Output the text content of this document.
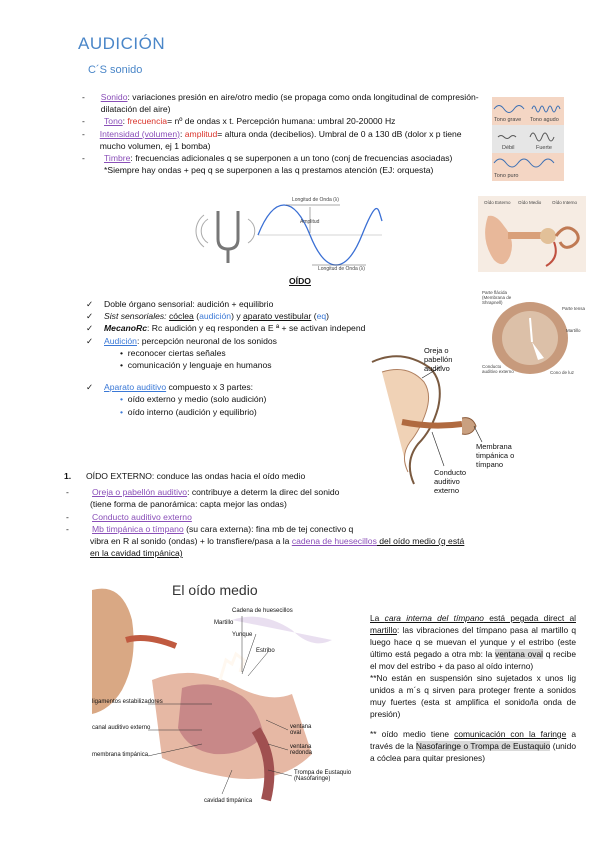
AUDICIÓN
C´S sonido
-	Sonido: variaciones presión en aire/otro medio (se propaga como onda longitudinal de compresión-dilatación del aire)
-	Tono: frecuencia= nº de ondas x t. Percepción humana: umbral 20-20000 Hz
-	Intensidad (volumen): amplitud= altura onda (decibelios). Umbral de 0 a 130 dB (dolor x p tiene mucho volumen, ej 1 bomba)
-	Timbre: frecuencias adicionales q se superponen a un tono (conj de frecuencias asociadas)
*Siempre hay ondas + peq q se superponen a las q prestamos atención (EJ: orquesta)
Tono grave Tono agudo
Débil	Fuerte
Tono puro
Longitud de Onda (λ)
Amplitud
Longitud de Onda (λ)
Oído Externo Oído Medio Oído Interno
OÍDO
Parte flácida (Membrana de Shrapnell)
Parte tensa
Martillo
Conducto auditivo externo	Cono de luz
✓	Doble órgano sensorial: audición + equilibrio
✓	Sist sensoriales: cóclea (audición) y aparato vestibular (eq)
✓	MecanoRc: Rc audición y eq responden a E ª + se activan independ
✓	Audición: percepción neuronal de los sonidos
•  reconocer ciertas señales
•  comunicación y lenguaje en humanos
✓	Aparato auditivo compuesto x 3 partes:
• oído externo y medio (solo audición)
• oído interno (audición y equilibrio)
Oreja o pabellón auditivo
Membrana timpánica o tímpano
Conducto auditivo externo
1.	OÍDO EXTERNO: conduce las ondas hacia el oído medio
-	Oreja o pabellón auditivo: contribuye a determ la direc del sonido
(tiene forma de panorámica: capta mejor las ondas)
-	Conducto auditivo externo
-	Mb timpánica o tímpano (su cara externa): fina mb de tej conectivo q
vibra en R al sonido (ondas) + lo transfiere/pasa a la cadena de huesecillos del oído medio (q está
en la cavidad timpánica)
El oído medio
Cadena de huesecillos
Martillo
Yunque
Estribo
ligamentos estabilizadores
canal auditivo externo
membrana timpánica
ventana oval
ventana redonda
Trompa de Eustaquio (Nasofaringe)
cavidad timpánica

La cara interna del tímpano está pegada direct al martillo: las vibraciones del tímpano pasa al martillo q luego hace q se muevan el yunque y el estribo (este último está pegado a otra mb: la ventana oval q recibe el mov del estribo + da paso al oído interno)

**No están en suspensión sino sujetados x unos lig unidos a m´s q sirven para proteger frente a sonidos muy fuertes (esta st amplifica el sonido/la onda de presión)

** oído medio tiene comunicación con la faringe a través de la Nasofaringe o Trompa de Eustaquio (unido a cóclea para quitar presiones)
